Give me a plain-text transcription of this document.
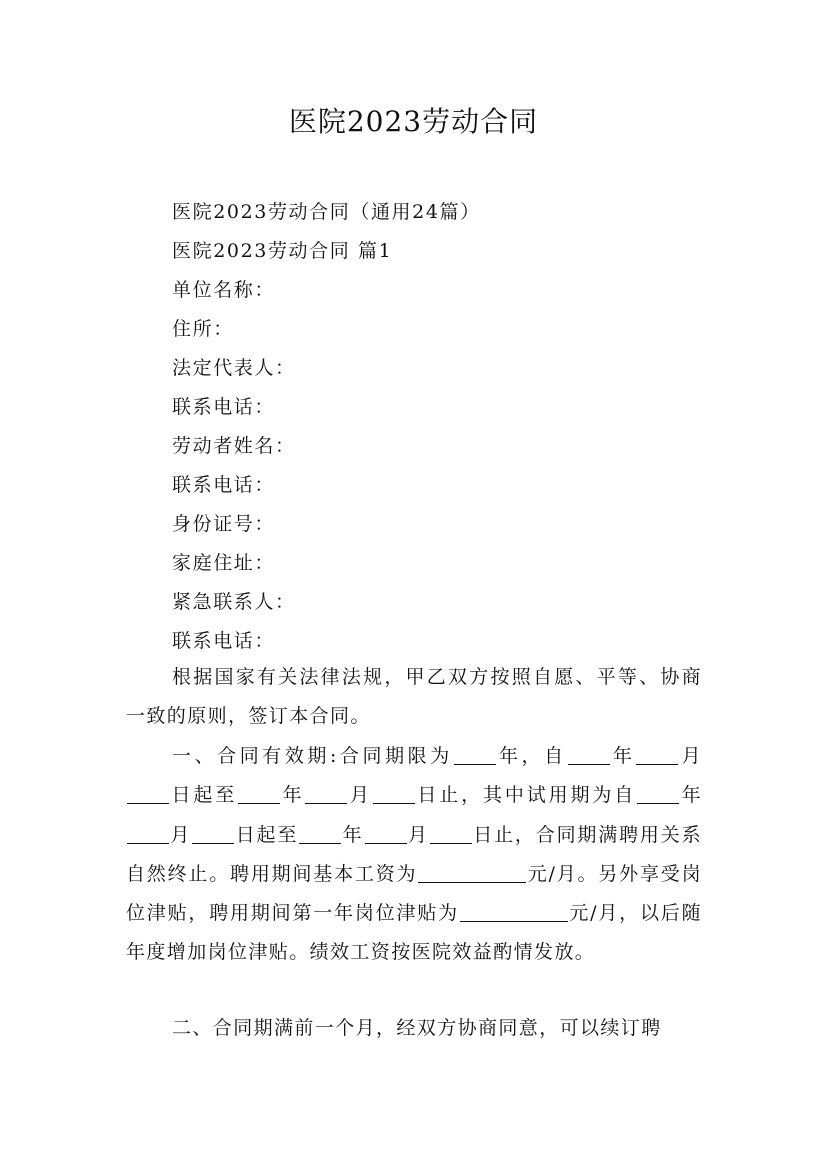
医院2023劳动合同
医院2023劳动合同（通用24篇）
医院2023劳动合同 篇1
单位名称：
住所：
法定代表人：
联系电话：
劳动者姓名：
联系电话：
身份证号：
家庭住址：
紧急联系人：
联系电话：
根据国家有关法律法规，甲乙双方按照自愿、平等、协商一致的原则，签订本合同。
一、合同有效期:合同期限为 年，自 年 月日起至 年 月 日止，其中试用期为自 年月 日起至 年 月 日止，合同期满聘用关系自然终止。聘用期间基本工资为	元/月。另外享受岗位津贴，聘用期间第一年岗位津贴为	元/月，以后随年度增加岗位津贴。绩效工资按医院效益酌情发放。
二、合同期满前一个月，经双方协商同意，可以续订聘
